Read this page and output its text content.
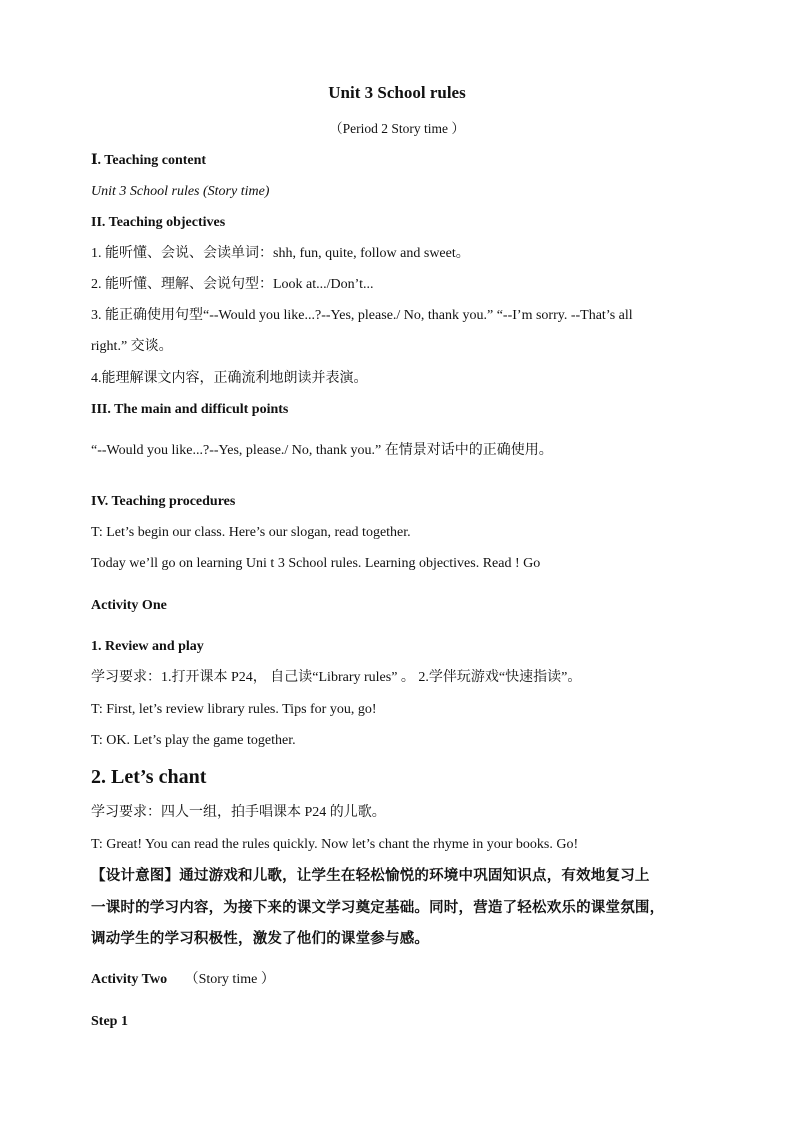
Unit 3 School rules
（Period 2 Story time ）
Ⅰ. Teaching content
Unit 3 School rules (Story time)
II. Teaching objectives
1. 能听懂、会说、会读单词：shh, fun, quite, follow and sweet。
2. 能听懂、理解、会说句型：Look at.../Don’t...
3. 能正确使用句型“--Would you like...?--Yes, please./ No, thank you.” “--I’m sorry. --That’s all
right.” 交谈。
4.能理解课文内容，正确流利地朗读并表演。
III. The main and difficult points
“--Would you like...?--Yes, please./ No, thank you.” 在情景对话中的正确使用。
IV. Teaching procedures
T: Let’s begin our class. Here’s our slogan, read together.
Today we’ll go on learning Uni t 3 School rules. Learning objectives. Read ! Go
Activity One
1. Review and play
学习要求：1.打开课本 P24， 自己读“Library rules” 。 2.学伴玩游戏“快速指读”。
T: First, let’s review library rules. Tips for you, go!
T: OK. Let’s play the game together.
2. Let’s chant
学习要求：四人一组，拍手唱课本 P24 的儿歌。
T: Great! You can read the rules quickly. Now let’s chant the rhyme in your books. Go!
【设计意图】通过游戏和儿歌，让学生在轻松愉悦的环境中巩固知识点，有效地复习上
一课时的学习内容，为接下来的课文学习奠定基础。同时，营造了轻松欢乐的课堂氛围，
调动学生的学习积极性，激发了他们的课堂参与感。
Activity Two （Story time ）
Step 1
